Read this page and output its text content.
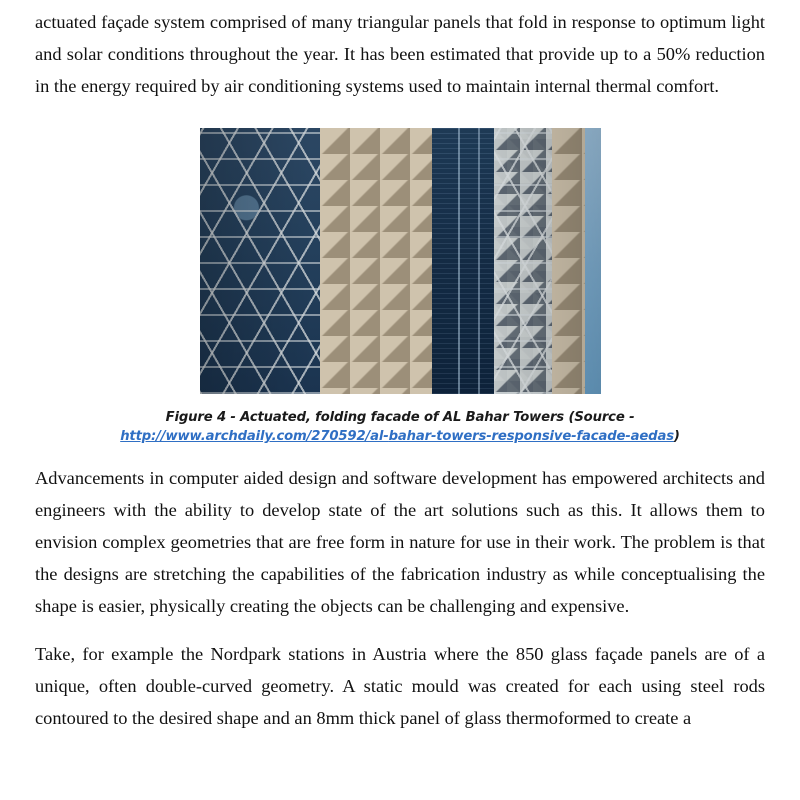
actuated façade system comprised of many triangular panels that fold in response to optimum light and solar conditions throughout the year. It has been estimated that provide up to a 50% reduction in the energy required by air conditioning systems used to maintain internal thermal comfort.

Figure 4 - Actuated, folding facade of AL Bahar Towers (Source - http://www.archdaily.com/270592/al-bahar-towers-responsive-facade-aedas)

Advancements in computer aided design and software development has empowered architects and engineers with the ability to develop state of the art solutions such as this. It allows them to envision complex geometries that are free form in nature for use in their work. The problem is that the designs are stretching the capabilities of the fabrication industry as while conceptualising the shape is easier, physically creating the objects can be challenging and expensive.

Take, for example the Nordpark stations in Austria where the 850 glass façade panels are of a unique, often double-curved geometry. A static mould was created for each using steel rods contoured to the desired shape and an 8mm thick panel of glass thermoformed to create a
